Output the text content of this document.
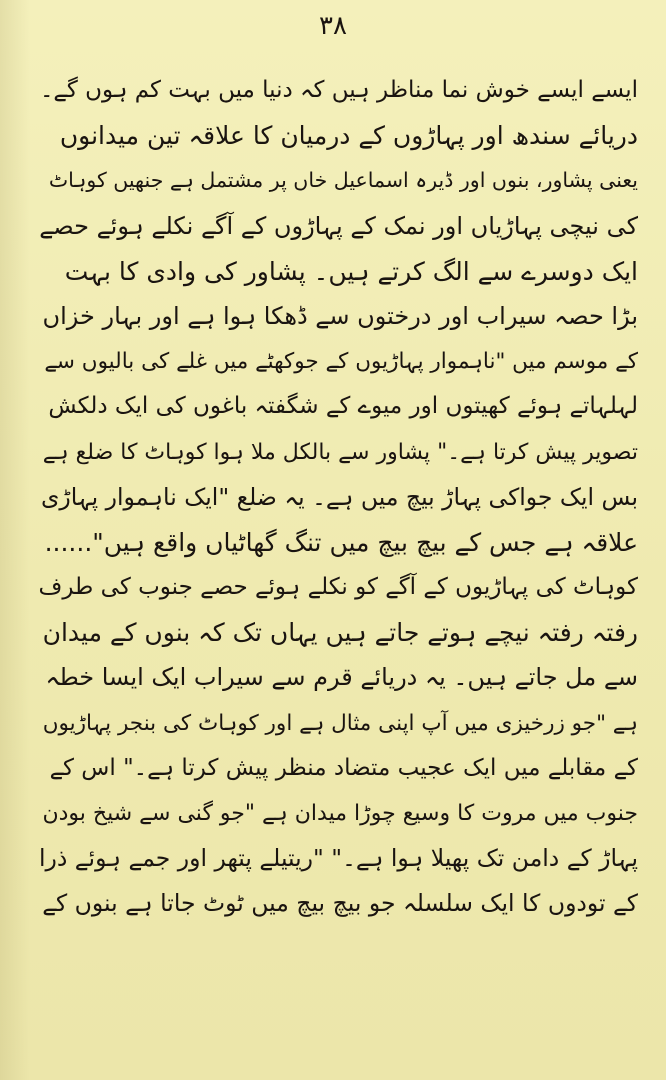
۳۸
ایسے ایسے خوش نما مناظر ہیں کہ دنیا میں بہت کم ہوں گے۔
دریائے سندھ اور پہاڑوں کے درمیان کا علاقہ تین میدانوں
یعنی پشاور، بنوں اور ڈیرہ اسماعیل خاں پر مشتمل ہے جنھیں کوہاٹ
کی نیچی پہاڑیاں اور نمک کے پہاڑوں کے آگے نکلے ہوئے حصے
ایک دوسرے سے الگ کرتے ہیں۔ پشاور کی وادی کا بہت
بڑا حصہ سیراب اور درختوں سے ڈھکا ہوا ہے اور بہار خزاں
کے موسم میں "ناہموار پہاڑیوں کے جوکھٹے میں غلے کی بالیوں سے
لہلہاتے ہوئے کھیتوں اور میوے کے شگفتہ باغوں کی ایک دلکش
تصویر پیش کرتا ہے۔" پشاور سے بالکل ملا ہوا کوہاٹ کا ضلع ہے
بس ایک جواکی پہاڑ بیچ میں ہے۔ یہ ضلع "ایک ناہموار پہاڑی
علاقہ ہے جس کے بیچ بیچ میں تنگ گھاٹیاں واقع ہیں"......
کوہاٹ کی پہاڑیوں کے آگے کو نکلے ہوئے حصے جنوب کی طرف
رفتہ رفتہ نیچے ہوتے جاتے ہیں یہاں تک کہ بنوں کے میدان
سے مل جاتے ہیں۔ یہ دریائے قرم سے سیراب ایک ایسا خطہ
ہے "جو زرخیزی میں آپ اپنی مثال ہے اور کوہاٹ کی بنجر پہاڑیوں
کے مقابلے میں ایک عجیب متضاد منظر پیش کرتا ہے۔" اس کے
جنوب میں مروت کا وسیع چوڑا میدان ہے "جو گنی سے شیخ بودن
پہاڑ کے دامن تک پھیلا ہوا ہے۔" "ریتیلے پتھر اور جمے ہوئے ذرا
کے تودوں کا ایک سلسلہ جو بیچ بیچ میں ٹوٹ جاتا ہے بنوں کے
